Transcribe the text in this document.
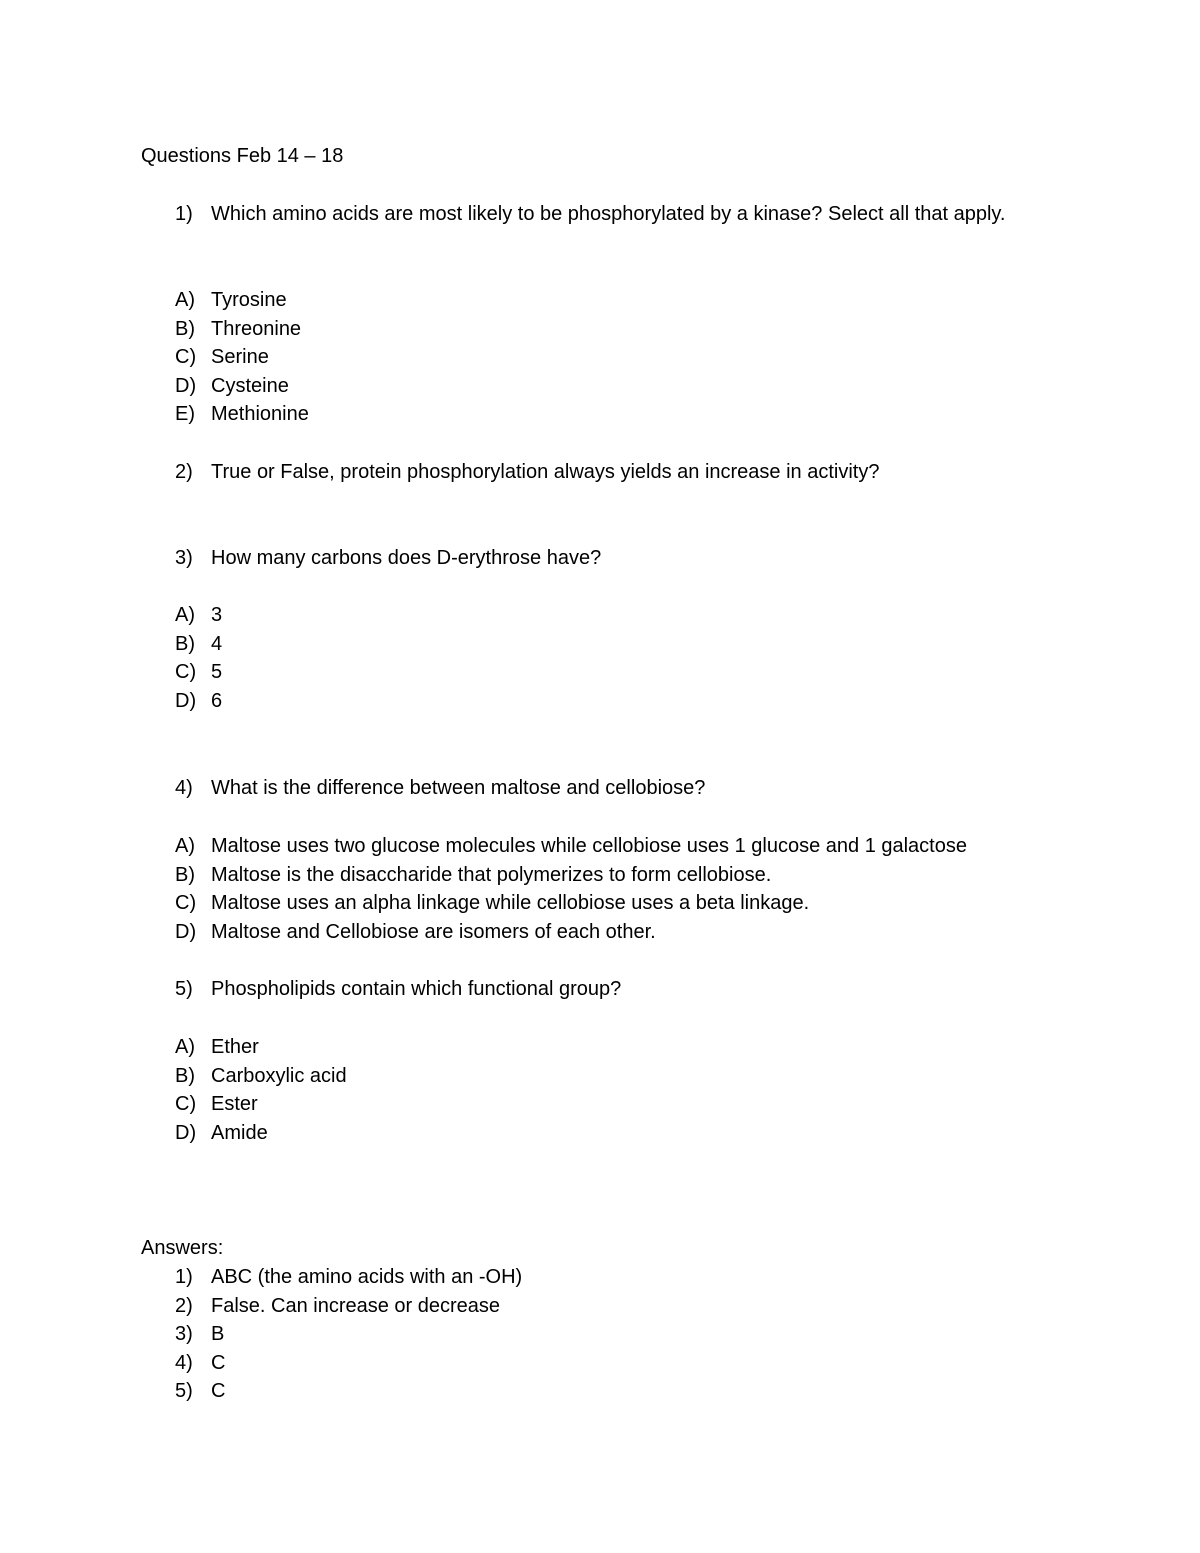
Questions Feb 14 – 18
1) Which amino acids are most likely to be phosphorylated by a kinase? Select all that apply.
A) Tyrosine
B) Threonine
C) Serine
D) Cysteine
E) Methionine
2) True or False, protein phosphorylation always yields an increase in activity?
3) How many carbons does D-erythrose have?
A) 3
B) 4
C) 5
D) 6
4) What is the difference between maltose and cellobiose?
A) Maltose uses two glucose molecules while cellobiose uses 1 glucose and 1 galactose
B) Maltose is the disaccharide that polymerizes to form cellobiose.
C) Maltose uses an alpha linkage while cellobiose uses a beta linkage.
D) Maltose and Cellobiose are isomers of each other.
5) Phospholipids contain which functional group?
A) Ether
B) Carboxylic acid
C) Ester
D) Amide
Answers:
1) ABC (the amino acids with an -OH)
2) False. Can increase or decrease
3) B
4) C
5) C
